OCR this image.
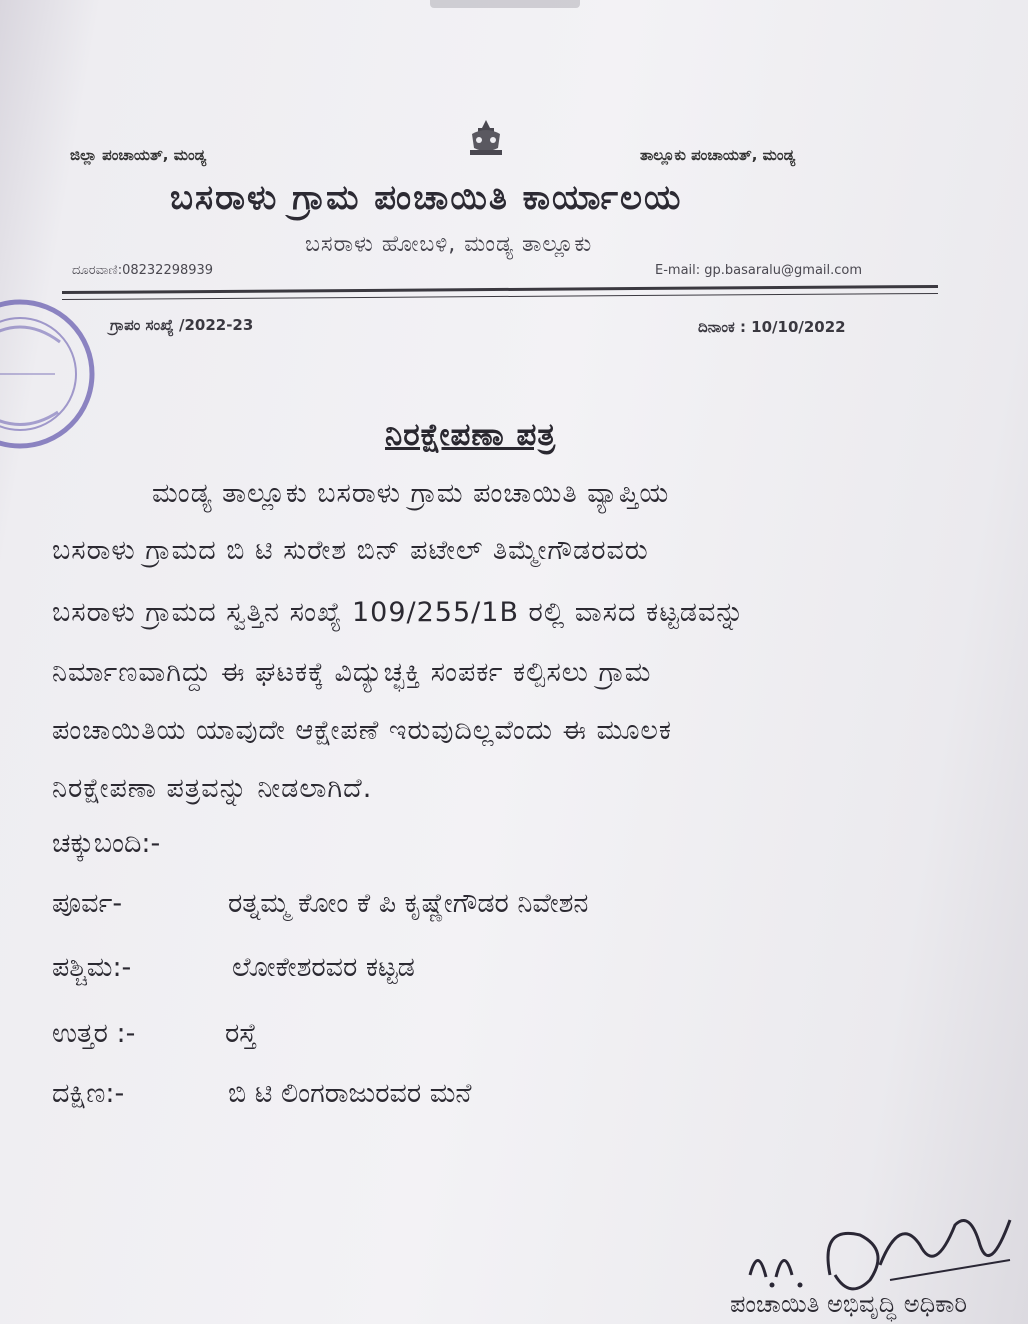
ಜಿಲ್ಲಾ ಪಂಚಾಯತ್, ಮಂಡ್ಯ	ತಾಲ್ಲೂಕು ಪಂಚಾಯತ್, ಮಂಡ್ಯ
ಬಸರಾಳು ಗ್ರಾಮ ಪಂಚಾಯಿತಿ ಕಾರ್ಯಾಲಯ
ಬಸರಾಳು ಹೋಬಳಿ, ಮಂಡ್ಯ ತಾಲ್ಲೂಕು
ದೂರವಾಣಿ:08232298939	E-mail: gp.basaralu@gmail.com
ಗ್ರಾಪಂ ಸಂಖ್ಯೆ /2022-23	ದಿನಾಂಕ : 10/10/2022
ನಿರಕ್ಷೇಪಣಾ ಪತ್ರ
ಮಂಡ್ಯ ತಾಲ್ಲೂಕು ಬಸರಾಳು ಗ್ರಾಮ ಪಂಚಾಯಿತಿ ವ್ಯಾಪ್ತಿಯ
ಬಸರಾಳು ಗ್ರಾಮದ ಬಿ ಟಿ ಸುರೇಶ ಬಿನ್ ಪಟೇಲ್ ತಿಮ್ಮೇಗೌಡರವರು
ಬಸರಾಳು ಗ್ರಾಮದ ಸ್ವತ್ತಿನ ಸಂಖ್ಯೆ 109/255/1B ರಲ್ಲಿ ವಾಸದ ಕಟ್ಟಡವನ್ನು
ನಿರ್ಮಾಣವಾಗಿದ್ದು ಈ ಘಟಕಕ್ಕೆ ವಿದ್ಯುಚ್ಛಕ್ತಿ ಸಂಪರ್ಕ ಕಲ್ಪಿಸಲು ಗ್ರಾಮ
ಪಂಚಾಯಿತಿಯ ಯಾವುದೇ ಆಕ್ಷೇಪಣೆ ಇರುವುದಿಲ್ಲವೆಂದು ಈ ಮೂಲಕ
ನಿರಕ್ಷೇಪಣಾ ಪತ್ರವನ್ನು ನೀಡಲಾಗಿದೆ.
ಚಕ್ಕುಬಂದಿ:-
ಪೂರ್ವ-	ರತ್ನಮ್ಮ ಕೋಂ ಕೆ ಪಿ ಕೃಷ್ಣೇಗೌಡರ ನಿವೇಶನ
ಪಶ್ಚಿಮ:-	ಲೋಕೇಶರವರ ಕಟ್ಟಡ
ಉತ್ತರ :-	ರಸ್ತೆ
ದಕ್ಷಿಣ:-	ಬಿ ಟಿ ಲಿಂಗರಾಜುರವರ ಮನೆ
ಪಂಚಾಯಿತಿ ಅಭಿವೃದ್ಧಿ ಅಧಿಕಾರಿ
